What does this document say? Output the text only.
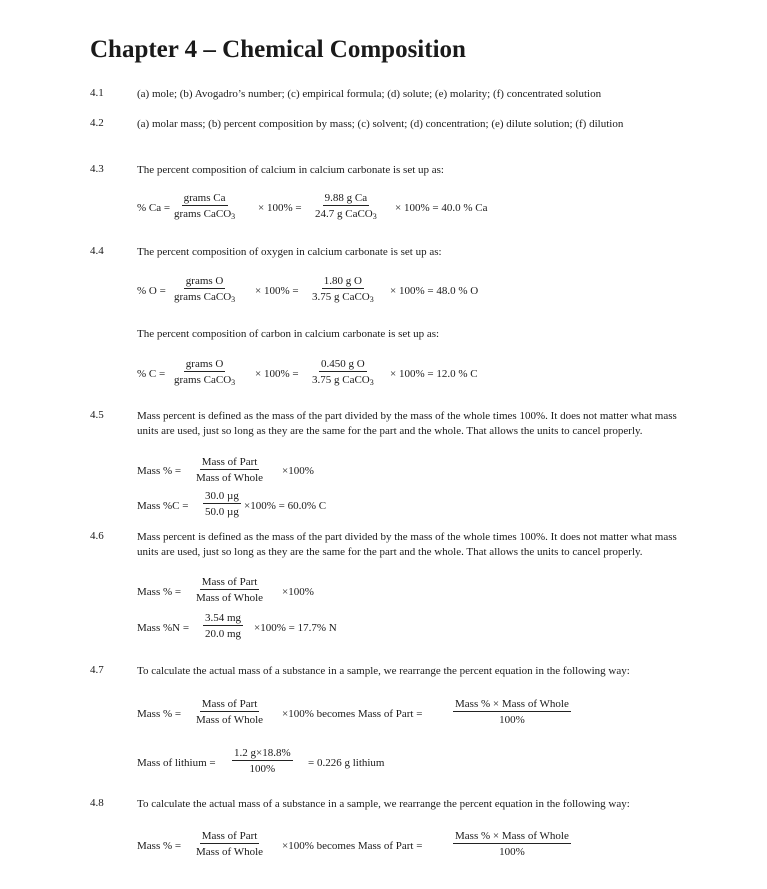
Chapter 4 – Chemical Composition
4.1	(a) mole; (b) Avogadro’s number; (c) empirical formula; (d) solute; (e) molarity; (f) concentrated solution
4.2	(a) molar mass; (b) percent composition by mass; (c) solvent; (d) concentration; (e) dilute solution; (f) dilution
4.3	The percent composition of calcium in calcium carbonate is set up as:
% Ca =
grams Ca
grams CaCO$_3$
× 100% =
9.88 g Ca
24.7 g CaCO$_3$
× 100% = 40.0 % Ca
4.4	The percent composition of oxygen in calcium carbonate is set up as:
% O =
grams O
grams CaCO$_3$
× 100% =
1.80 g O
3.75 g CaCO$_3$
× 100% = 48.0 % O
The percent composition of carbon in calcium carbonate is set up as:
% C =
grams O
grams CaCO$_3$
× 100% =
0.450 g O
3.75 g CaCO$_3$
× 100% = 12.0 % C
4.5	Mass percent is defined as the mass of the part divided by the mass of the whole times 100%. It does not matter what mass units are used, just so long as they are the same for the part and the whole. That allows the units to cancel properly.
Mass % =
Mass of Part
Mass of Whole
×100%
Mass %C =
30.0 µg
50.0 µg ×100% = 60.0% C
4.6	Mass percent is defined as the mass of the part divided by the mass of the whole times 100%. It does not matter what mass units are used, just so long as they are the same for the part and the whole. That allows the units to cancel properly.
Mass % =
Mass of Part
Mass of Whole ×100%
Mass $\%N = \frac{3.54 mg}{20.0 mg} \times 100\% = 17.7\%$ N
4.7	To calculate the actual mass of a substance in a sample, we rearrange the percent equation in the following way:
Mass % =
Mass of Part
Mass of Whole ×100% becomes Mass of Part =
Mass % × Mass of Whole
100%
Mass of lithium = $\frac{1.2 g\times 18.8\%}{100\%} = 0.226$ g lithium
4.8	To calculate the actual mass of a substance in a sample, we rearrange the percent equation in the following way:
Mass % =
Mass of Part
Mass of Whole ×100% becomes Mass of Part =
Mass % × Mass of Whole
100%
